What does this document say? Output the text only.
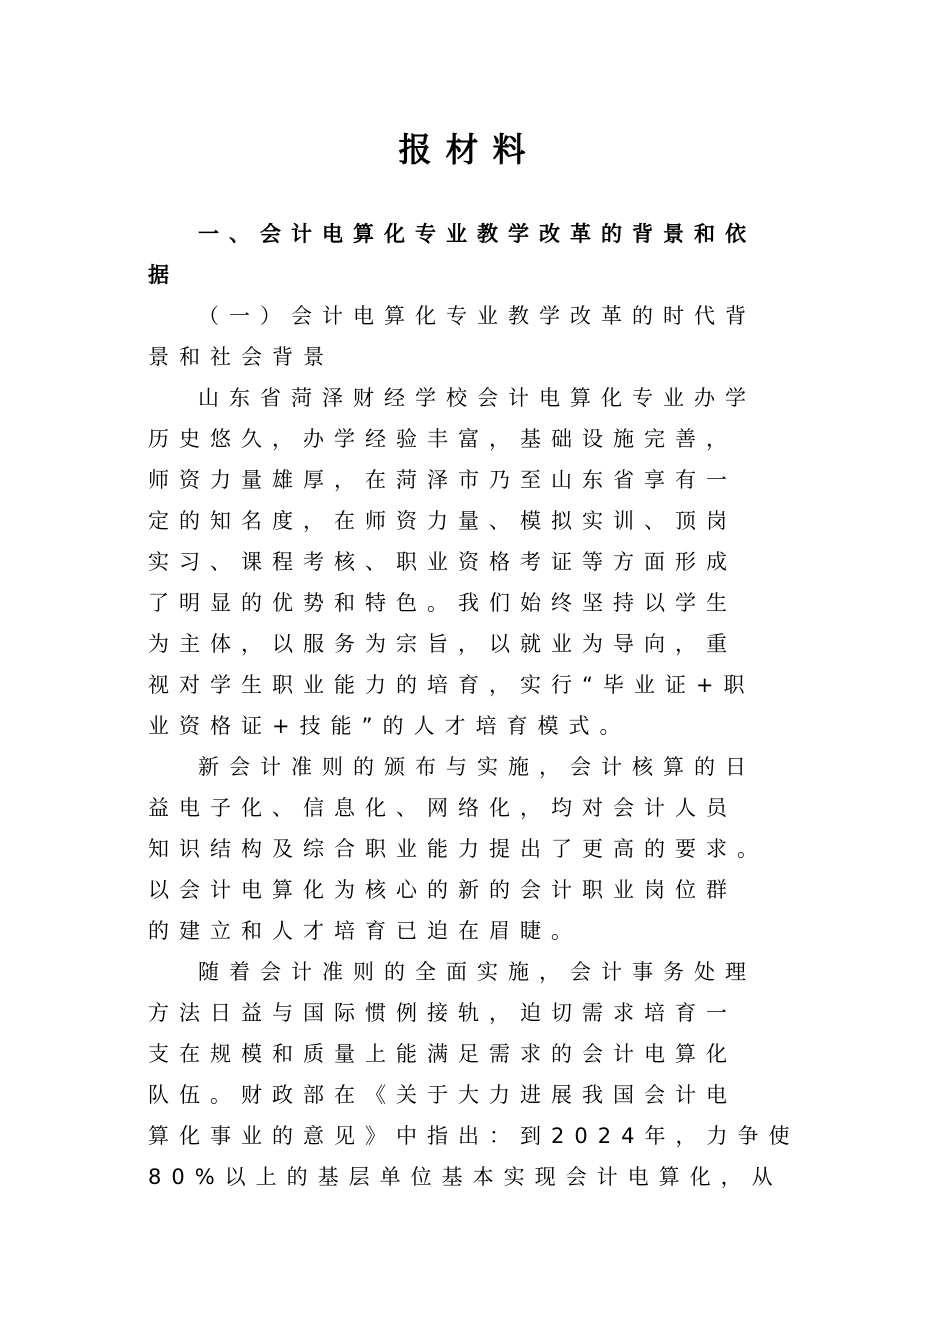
报材料

一、会计电算化专业教学改革的背景和依

据

（一）会计电算化专业教学改革的时代背

景和社会背景

山东省菏泽财经学校会计电算化专业办学

历史悠久，办学经验丰富，基础设施完善，

师资力量雄厚，在菏泽市乃至山东省享有一

定的知名度，在师资力量、模拟实训、顶岗

实习、课程考核、职业资格考证等方面形成

了明显的优势和特色。我们始终坚持以学生

为主体，以服务为宗旨，以就业为导向，重

视对学生职业能力的培育，实行“毕业证+职

业资格证+技能”的人才培育模式。

新会计准则的颁布与实施，会计核算的日

益电子化、信息化、网络化，均对会计人员

知识结构及综合职业能力提出了更高的要求。

以会计电算化为核心的新的会计职业岗位群

的建立和人才培育已迫在眉睫。

随着会计准则的全面实施，会计事务处理

方法日益与国际惯例接轨，迫切需求培育一

支在规模和质量上能满足需求的会计电算化

队伍。财政部在《关于大力进展我国会计电

算化事业的意见》中指出：到2024年，力争使

80%以上的基层单位基本实现会计电算化，从
